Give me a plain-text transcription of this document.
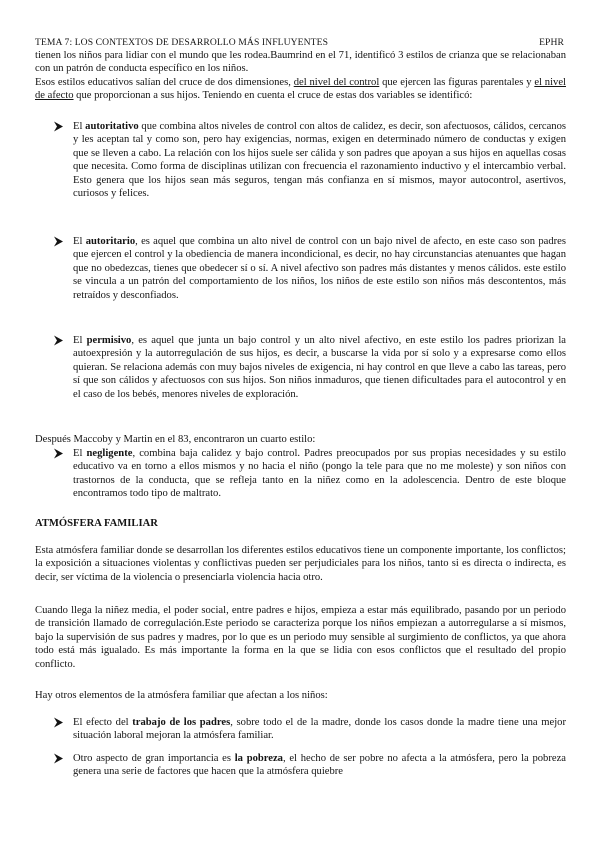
TEMA 7: LOS CONTEXTOS DE DESARROLLO MÁS INFLUYENTES	EPHR

tienen los niños para lidiar con el mundo que les rodea.Baumrind en el 71, identificó 3 estilos de crianza que se relacionaban con un patrón de conducta específico en los niños.

Esos estilos educativos salían del cruce de dos dimensiones, del nivel del control que ejercen las figuras parentales y el nivel de afecto que proporcionan a sus hijos. Teniendo en cuenta el cruce de estas dos variables se identificó:

El autoritativo que combina altos niveles de control con altos de calidez, es decir, son afectuosos, cálidos, cercanos y les aceptan tal y como son, pero hay exigencias, normas, exigen en determinado número de conductas y exigen que se lleven a cabo. La relación con los hijos suele ser cálida y son padres que apoyan a sus hijos en aquellas cosas que necesita. Como forma de disciplinas utilizan con frecuencia el razonamiento inductivo y el intercambio verbal. Esto genera que los hijos sean más seguros, tengan más confianza en sí mismos, mayor autocontrol, asertivos, curiosos y felices.

El autoritario, es aquel que combina un alto nivel de control con un bajo nivel de afecto, en este caso son padres que ejercen el control y la obediencia de manera incondicional, es decir, no hay circunstancias atenuantes que hagan que no obedezcas, tienes que obedecer sí o sí. A nivel afectivo son padres más distantes y menos cálidos. este estilo se vincula a un patrón del comportamiento de los niños, los niños de este estilo son niños más descontentos, más retraídos y desconfiados.

El permisivo, es aquel que junta un bajo control y un alto nivel afectivo, en este estilo los padres priorizan la autoexpresión y la autorregulación de sus hijos, es decir, a buscarse la vida por sí solo y a expresarse como ellos quieran. Se relaciona además con muy bajos niveles de exigencia, ni hay control en que lleve a cabo las tareas, pero sí que son cálidos y afectuosos con sus hijos. Son niños inmaduros, que tienen dificultades para el autocontrol y en el caso de los bebés, menores niveles de exploración.

Después Maccoby y Martin en el 83, encontraron un cuarto estilo:

El negligente, combina baja calidez y bajo control. Padres preocupados por sus propias necesidades y su estilo educativo va en torno a ellos mismos y no hacia el niño (pongo la tele para que no me moleste) y son niños con trastornos de la conducta, que se refleja tanto en la niñez como en la adolescencia. Dentro de este bloque encontramos todo tipo de maltrato.

ATMÓSFERA FAMILIAR

Esta atmósfera familiar donde se desarrollan los diferentes estilos educativos tiene un componente importante, los conflictos; la exposición a situaciones violentas y conflictivas pueden ser perjudiciales para los niños, tanto si es directa o indirecta, es decir, ser víctima de la violencia o presenciarla violencia hacia otro.

Cuando llega la niñez media, el poder social, entre padres e hijos, empieza a estar más equilibrado, pasando por un periodo de transición llamado de corregulación.Este periodo se caracteriza porque los niños empiezan a autorregularse a sí mismos, bajo la supervisión de sus padres y madres, por lo que es un periodo muy sensible al surgimiento de conflictos, ya que ahora todo está más igualado. Es más importante la forma en la que se lidia con esos conflictos que el resultado del propio conflicto.

Hay otros elementos de la atmósfera familiar que afectan a los niños:

El efecto del trabajo de los padres, sobre todo el de la madre, donde los casos donde la madre tiene una mejor situación laboral mejoran la atmósfera familiar.

Otro aspecto de gran importancia es la pobreza, el hecho de ser pobre no afecta a la atmósfera, pero la pobreza genera una serie de factores que hacen que la atmósfera quiebre
